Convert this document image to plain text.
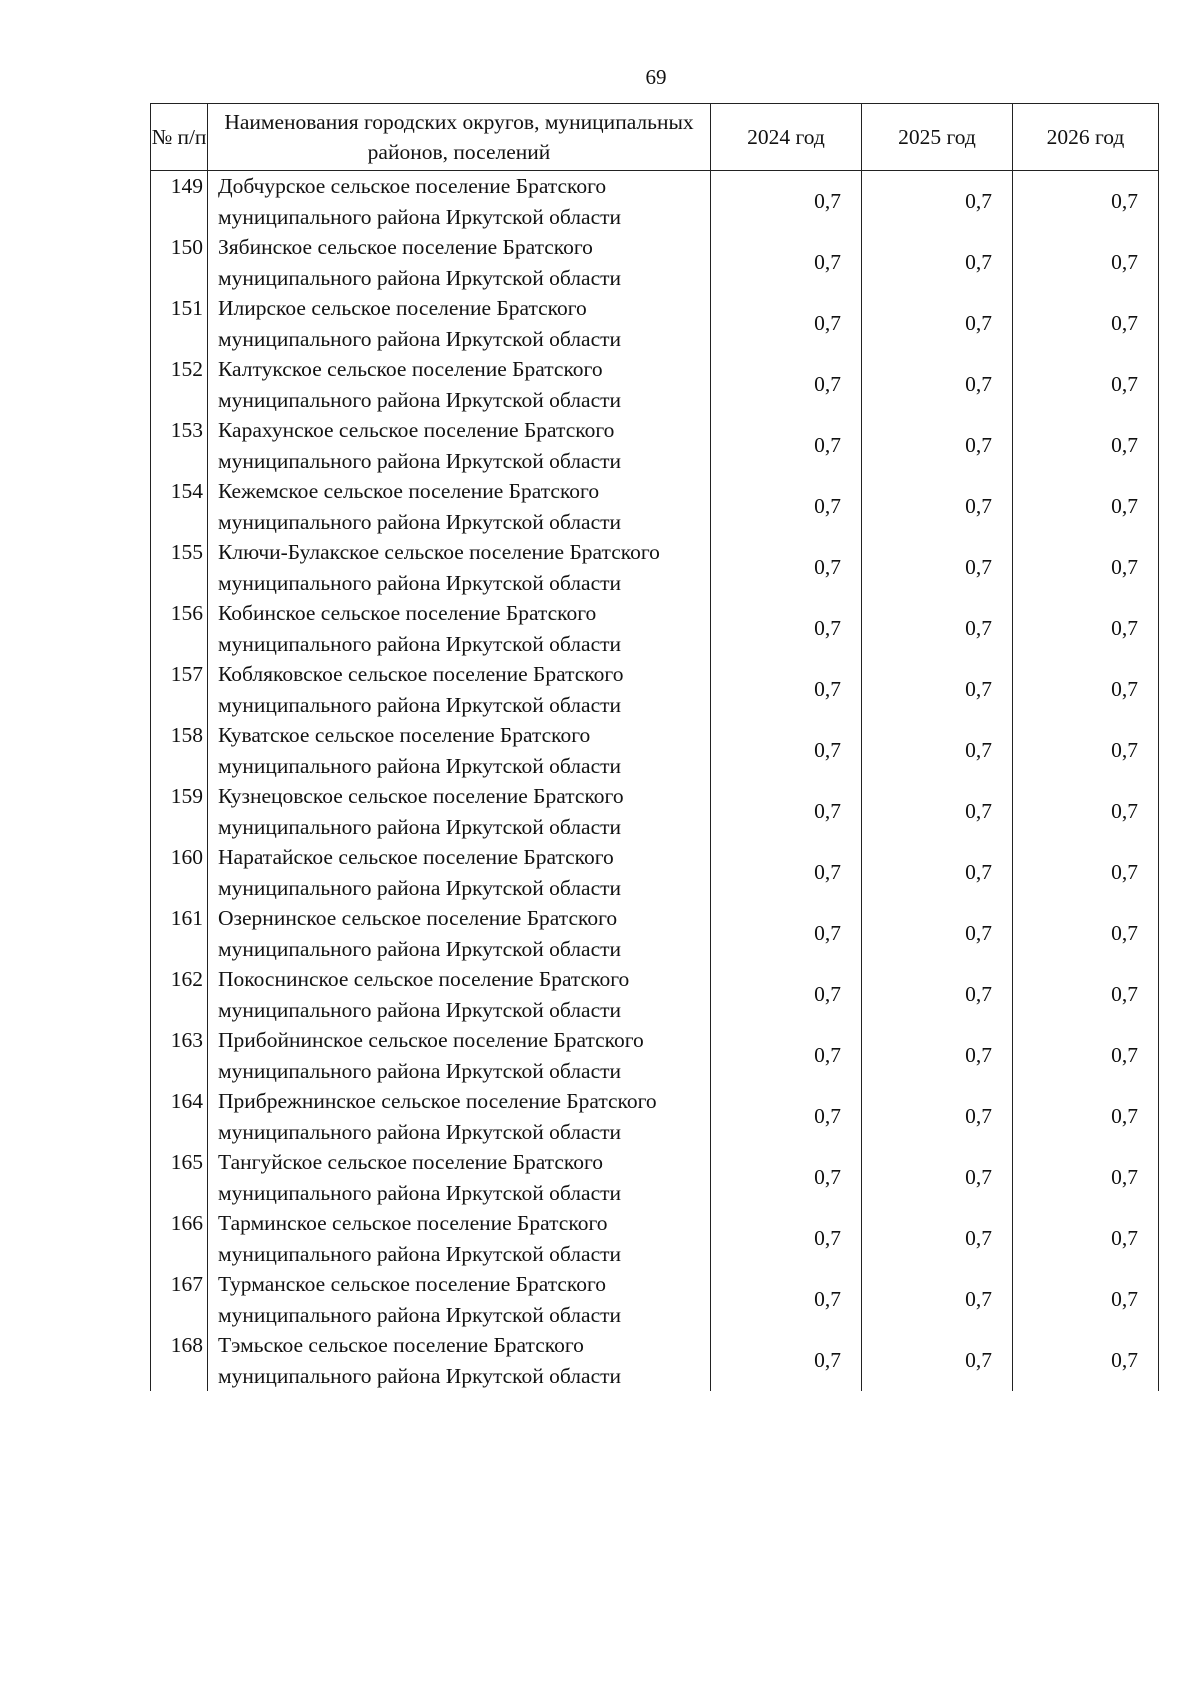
69
№ п/п	Наименования городских округов, муниципальных районов, поселений	2024 год	2025 год	2026 год
149	Добчурское сельское поселение Братского муниципального района Иркутской области	0,7	0,7	0,7
150	Зябинское сельское поселение Братского муниципального района Иркутской области	0,7	0,7	0,7
151	Илирское сельское поселение Братского муниципального района Иркутской области	0,7	0,7	0,7
152	Калтукское сельское поселение Братского муниципального района Иркутской области	0,7	0,7	0,7
153	Карахунское сельское поселение Братского муниципального района Иркутской области	0,7	0,7	0,7
154	Кежемское сельское поселение Братского муниципального района Иркутской области	0,7	0,7	0,7
155	Ключи-Булакское сельское поселение Братского муниципального района Иркутской области	0,7	0,7	0,7
156	Кобинское сельское поселение Братского муниципального района Иркутской области	0,7	0,7	0,7
157	Кобляковское сельское поселение Братского муниципального района Иркутской области	0,7	0,7	0,7
158	Куватское сельское поселение Братского муниципального района Иркутской области	0,7	0,7	0,7
159	Кузнецовское сельское поселение Братского муниципального района Иркутской области	0,7	0,7	0,7
160	Наратайское сельское поселение Братского муниципального района Иркутской области	0,7	0,7	0,7
161	Озернинское сельское поселение Братского муниципального района Иркутской области	0,7	0,7	0,7
162	Покоснинское сельское поселение Братского муниципального района Иркутской области	0,7	0,7	0,7
163	Прибойнинское сельское поселение Братского муниципального района Иркутской области	0,7	0,7	0,7
164	Прибрежнинское сельское поселение Братского муниципального района Иркутской области	0,7	0,7	0,7
165	Тангуйское сельское поселение Братского муниципального района Иркутской области	0,7	0,7	0,7
166	Тарминское сельское поселение Братского муниципального района Иркутской области	0,7	0,7	0,7
167	Турманское сельское поселение Братского муниципального района Иркутской области	0,7	0,7	0,7
168	Тэмьское сельское поселение Братского муниципального района Иркутской области	0,7	0,7	0,7
